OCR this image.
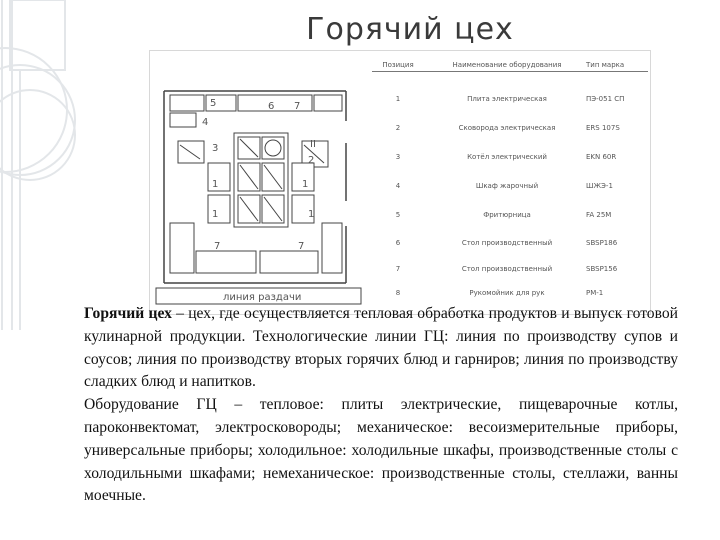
Горячий цех
линия раздачи
5	6 7
4
3
1
II
2
1
1	1
7	7
Позиция	Наименование оборудования	Тип марка
1	Плита электрическая	ПЭ-051 СП
2	Сковорода электрическая	ERS 107S
3	Котёл электрический	EKN 60R
4	Шкаф жарочный	ШЖЭ-1
5	Фритюрница	FA 25M
6	Стол производственный	SBSP186
7	Стол производственный	SBSP156
8	Рукомойник для рук	PM-1

Горячий цех – цех, где осуществляется тепловая обработка продуктов и выпуск готовой кулинарной продукции. Технологические линии ГЦ: линия по производству супов и соусов; линия по производству вторых горячих блюд и гарниров; линия по производству сладких блюд и напитков.

Оборудование ГЦ – тепловое: плиты электрические, пищеварочные котлы, пароконвектомат, электросковороды; механическое: весоизмерительные приборы, универсальные приборы; холодильное: холодильные шкафы, производственные столы с холодильными шкафами; немеханическое: производственные столы, стеллажи, ванны моечные.
